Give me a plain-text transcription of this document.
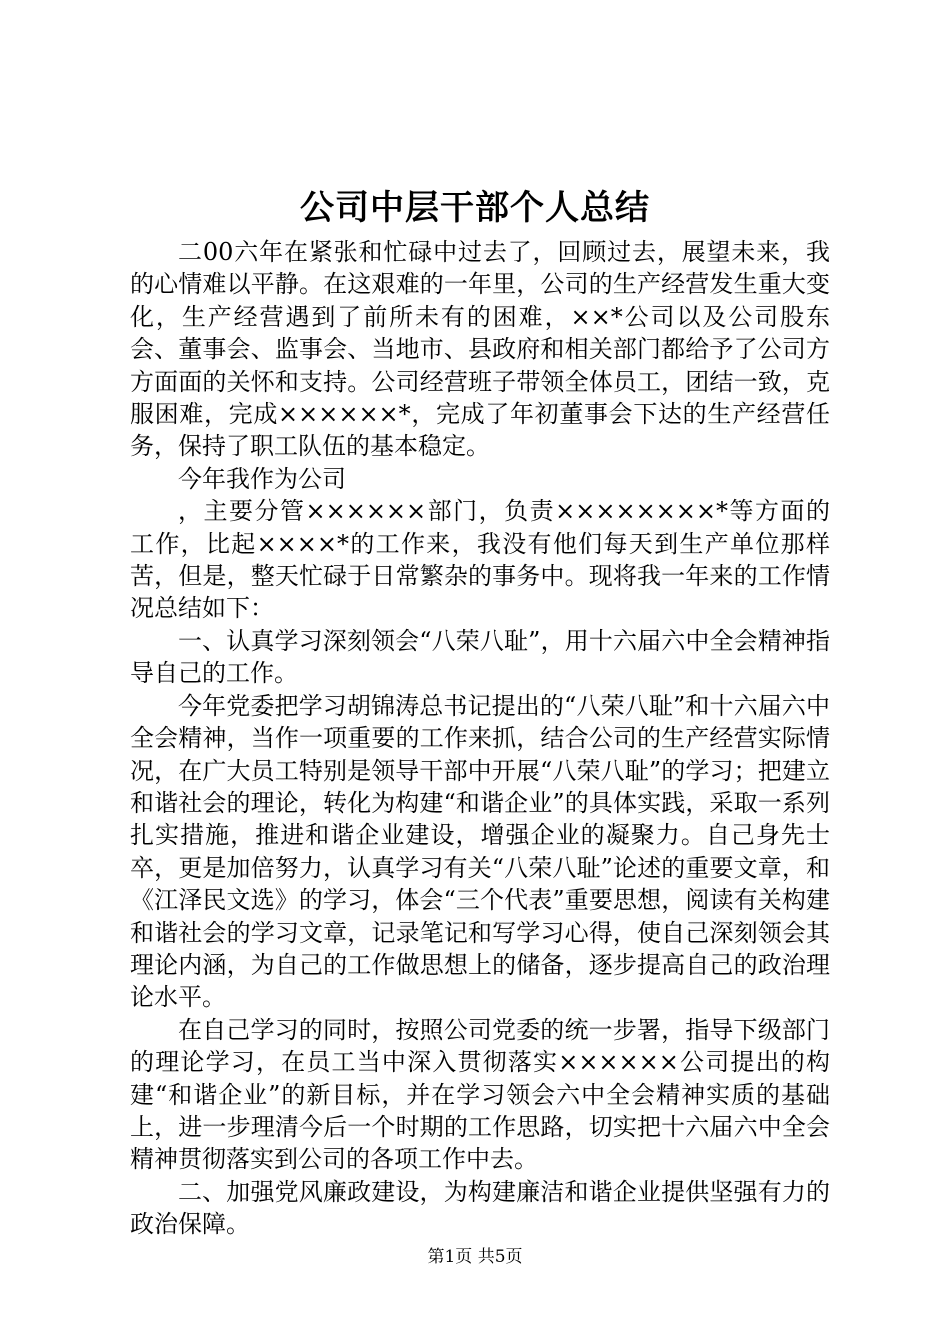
公司中层干部个人总结

二00六年在紧张和忙碌中过去了，回顾过去，展望未来，我的心情难以平静。在这艰难的一年里，公司的生产经营发生重大变化，生产经营遇到了前所未有的困难，××*公司以及公司股东会、董事会、监事会、当地市、县政府和相关部门都给予了公司方方面面的关怀和支持。公司经营班子带领全体员工，团结一致，克服困难，完成××××××*，完成了年初董事会下达的生产经营任务，保持了职工队伍的基本稳定。

今年我作为公司

，主要分管××××××部门，负责××××××××*等方面的工作，比起××××*的工作来，我没有他们每天到生产单位那样苦，但是，整天忙碌于日常繁杂的事务中。现将我一年来的工作情况总结如下：

一、认真学习深刻领会“八荣八耻”，用十六届六中全会精神指导自己的工作。

今年党委把学习胡锦涛总书记提出的“八荣八耻”和十六届六中全会精神，当作一项重要的工作来抓，结合公司的生产经营实际情况，在广大员工特别是领导干部中开展“八荣八耻”的学习；把建立和谐社会的理论，转化为构建“和谐企业”的具体实践，采取一系列扎实措施，推进和谐企业建设，增强企业的凝聚力。自己身先士卒，更是加倍努力，认真学习有关“八荣八耻”论述的重要文章，和《江泽民文选》的学习，体会“三个代表”重要思想，阅读有关构建和谐社会的学习文章，记录笔记和写学习心得，使自己深刻领会其理论内涵，为自己的工作做思想上的储备，逐步提高自己的政治理论水平。

在自己学习的同时，按照公司党委的统一步署，指导下级部门的理论学习，在员工当中深入贯彻落实××××××公司提出的构建“和谐企业”的新目标，并在学习领会六中全会精神实质的基础上，进一步理清今后一个时期的工作思路，切实把十六届六中全会精神贯彻落实到公司的各项工作中去。

二、加强党风廉政建设，为构建廉洁和谐企业提供坚强有力的政治保障。

第1页 共5页
